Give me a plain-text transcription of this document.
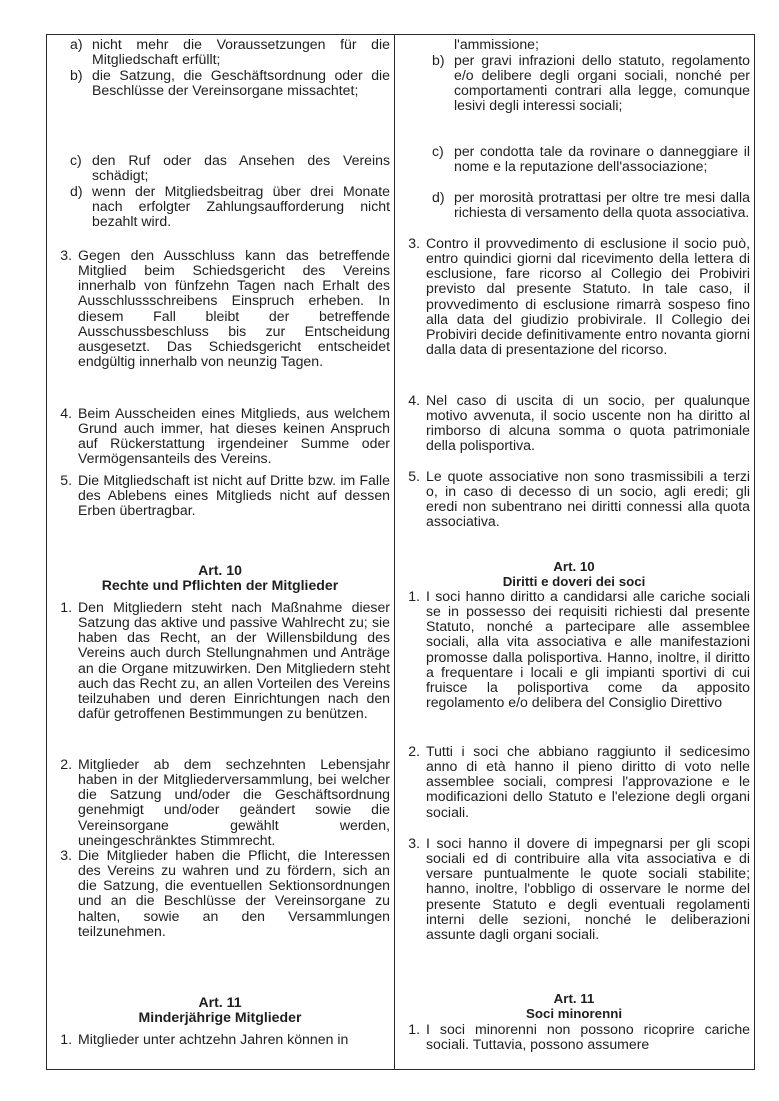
a) nicht mehr die Voraussetzungen für die Mitgliedschaft erfüllt;
b) die Satzung, die Geschäftsordnung oder die Beschlüsse der Vereinsorgane missachtet;
c) den Ruf oder das Ansehen des Vereins schädigt;
d) wenn der Mitgliedsbeitrag über drei Monate nach erfolgter Zahlungsaufforderung nicht bezahlt wird.
3. Gegen den Ausschluss kann das betreffende Mitglied beim Schiedsgericht des Vereins innerhalb von fünfzehn Tagen nach Erhalt des Ausschlussschreibens Einspruch erheben. In diesem Fall bleibt der betreffende Ausschussbeschluss bis zur Entscheidung ausgesetzt. Das Schiedsgericht entscheidet endgültig innerhalb von neunzig Tagen.
4. Beim Ausscheiden eines Mitglieds, aus welchem Grund auch immer, hat dieses keinen Anspruch auf Rückerstattung irgendeiner Summe oder Vermögensanteils des Vereins.
5. Die Mitgliedschaft ist nicht auf Dritte bzw. im Falle des Ablebens eines Mitglieds nicht auf dessen Erben übertragbar.
Art. 10
Rechte und Pflichten der Mitglieder
1. Den Mitgliedern steht nach Maßnahme dieser Satzung das aktive und passive Wahlrecht zu; sie haben das Recht, an der Willensbildung des Vereins auch durch Stellungnahmen und Anträge an die Organe mitzuwirken. Den Mitgliedern steht auch das Recht zu, an allen Vorteilen des Vereins teilzuhaben und deren Einrichtungen nach den dafür getroffenen Bestimmungen zu benützen.
2. Mitglieder ab dem sechzehnten Lebensjahr haben in der Mitgliederversammlung, bei welcher die Satzung und/oder die Geschäftsordnung genehmigt und/oder geändert sowie die Vereinsorgane gewählt werden, uneingeschränktes Stimmrecht.
3. Die Mitglieder haben die Pflicht, die Interessen des Vereins zu wahren und zu fördern, sich an die Satzung, die eventuellen Sektionsordnungen und an die Beschlüsse der Vereinsorgane zu halten, sowie an den Versammlungen teilzunehmen.
Art. 11
Minderjährige Mitglieder
1. Mitglieder unter achtzehn Jahren können in
l'ammissione;
b) per gravi infrazioni dello statuto, regolamento e/o delibere degli organi sociali, nonché per comportamenti contrari alla legge, comunque lesivi degli interessi sociali;
c) per condotta tale da rovinare o danneggiare il nome e la reputazione dell'associazione;
d) per morosità protrattasi per oltre tre mesi dalla richiesta di versamento della quota associativa.
3. Contro il provvedimento di esclusione il socio può, entro quindici giorni dal ricevimento della lettera di esclusione, fare ricorso al Collegio dei Probiviri previsto dal presente Statuto. In tale caso, il provvedimento di esclusione rimarrà sospeso fino alla data del giudizio probivirale. Il Collegio dei Probiviri decide definitivamente entro novanta giorni dalla data di presentazione del ricorso.
4. Nel caso di uscita di un socio, per qualunque motivo avvenuta, il socio uscente non ha diritto al rimborso di alcuna somma o quota patrimoniale della polisportiva.
5. Le quote associative non sono trasmissibili a terzi o, in caso di decesso di un socio, agli eredi; gli eredi non subentrano nei diritti connessi alla quota associativa.
Art. 10
Diritti e doveri dei soci
1. I soci hanno diritto a candidarsi alle cariche sociali se in possesso dei requisiti richiesti dal presente Statuto, nonché a partecipare alle assemblee sociali, alla vita associativa e alle manifestazioni promosse dalla polisportiva. Hanno, inoltre, il diritto a frequentare i locali e gli impianti sportivi di cui fruisce la polisportiva come da apposito regolamento e/o delibera del Consiglio Direttivo
2. Tutti i soci che abbiano raggiunto il sedicesimo anno di età hanno il pieno diritto di voto nelle assemblee sociali, compresi l'approvazione e le modificazioni dello Statuto e l'elezione degli organi sociali.
3. I soci hanno il dovere di impegnarsi per gli scopi sociali ed di contribuire alla vita associativa e di versare puntualmente le quote sociali stabilite; hanno, inoltre, l'obbligo di osservare le norme del presente Statuto e degli eventuali regolamenti interni delle sezioni, nonché le deliberazioni assunte dagli organi sociali.
Art. 11
Soci minorenni
1. I soci minorenni non possono ricoprire cariche sociali. Tuttavia, possono assumere
